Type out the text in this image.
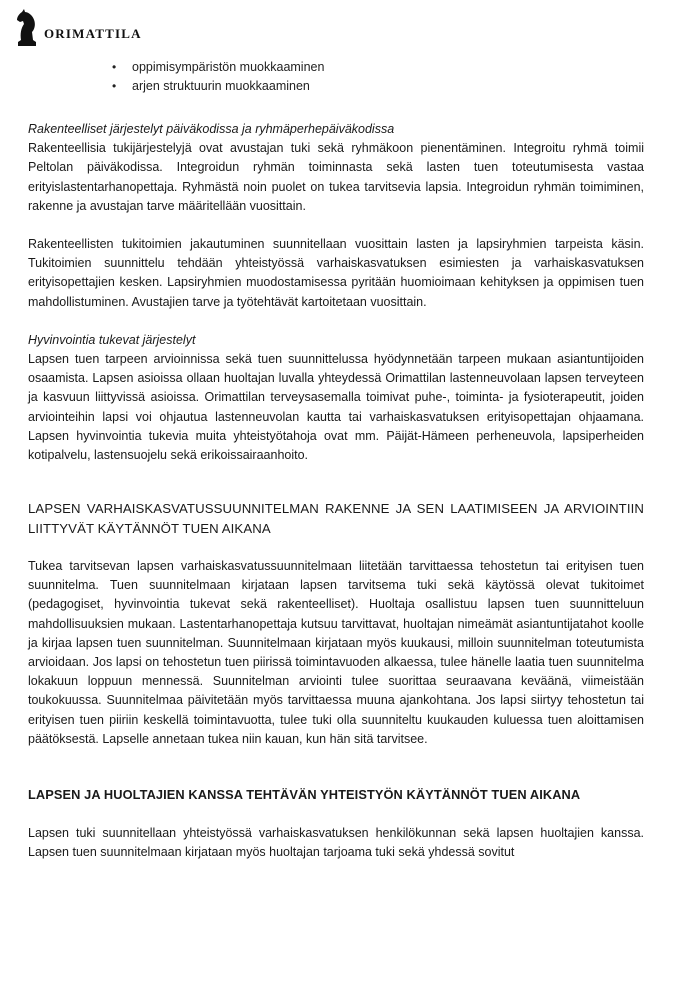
ORIMATTILA
• oppimisympäristön muokkaaminen
• arjen struktuurin muokkaaminen

Rakenteelliset järjestelyt päiväkodissa ja ryhmäperhepäiväkodissa

Rakenteellisia tukijärjestelyjä ovat avustajan tuki sekä ryhmäkoon pienentäminen. Integroitu ryhmä toimii Peltolan päiväkodissa. Integroidun ryhmän toiminnasta sekä lasten tuen toteutumisesta vastaa erityislastentarhanopettaja. Ryhmästä noin puolet on tukea tarvitsevia lapsia. Integroidun ryhmän toimiminen, rakenne ja avustajan tarve määritellään vuosittain.

Rakenteellisten tukitoimien jakautuminen suunnitellaan vuosittain lasten ja lapsiryhmien tarpeista käsin. Tukitoimien suunnittelu tehdään yhteistyössä varhaiskasvatuksen esimiesten ja varhaiskasvatuksen erityisopettajien kesken. Lapsiryhmien muodostamisessa pyritään huomioimaan kehityksen ja oppimisen tuen mahdollistuminen. Avustajien tarve ja työtehtävät kartoitetaan vuosittain.

Hyvinvointia tukevat järjestelyt

Lapsen tuen tarpeen arvioinnissa sekä tuen suunnittelussa hyödynnetään tarpeen mukaan asiantuntijoiden osaamista. Lapsen asioissa ollaan huoltajan luvalla yhteydessä Orimattilan lastenneuvolaan lapsen terveyteen ja kasvuun liittyvissä asioissa. Orimattilan terveysasemalla toimivat puhe-, toiminta- ja fysioterapeutit, joiden arviointeihin lapsi voi ohjautua lastenneuvolan kautta tai varhaiskasvatuksen erityisopettajan ohjaamana. Lapsen hyvinvointia tukevia muita yhteistyötahoja ovat mm. Päijät-Hämeen perheneuvola, lapsiperheiden kotipalvelu, lastensuojelu sekä erikoissairaanhoito.

LAPSEN VARHAISKASVATUSSUUNNITELMAN RAKENNE JA SEN LAATIMISEEN JA ARVIOINTIIN LIITTYVÄT KÄYTÄNNÖT TUEN AIKANA

Tukea tarvitsevan lapsen varhaiskasvatussuunnitelmaan liitetään tarvittaessa tehostetun tai erityisen tuen suunnitelma. Tuen suunnitelmaan kirjataan lapsen tarvitsema tuki sekä käytössä olevat tukitoimet (pedagogiset, hyvinvointia tukevat sekä rakenteelliset). Huoltaja osallistuu lapsen tuen suunnitteluun mahdollisuuksien mukaan. Lastentarhanopettaja kutsuu tarvittavat, huoltajan nimeämät asiantuntijatahot koolle ja kirjaa lapsen tuen suunnitelman. Suunnitelmaan kirjataan myös kuukausi, milloin suunnitelman toteutumista arvioidaan. Jos lapsi on tehostetun tuen piirissä toimintavuoden alkaessa, tulee hänelle laatia tuen suunnitelma lokakuun loppuun mennessä. Suunnitelman arviointi tulee suorittaa seuraavana keväänä, viimeistään toukokuussa. Suunnitelmaa päivitetään myös tarvittaessa muuna ajankohtana. Jos lapsi siirtyy tehostetun tai erityisen tuen piiriin keskellä toimintavuotta, tulee tuki olla suunniteltu kuukauden kuluessa tuen aloittamisen päätöksestä. Lapselle annetaan tukea niin kauan, kun hän sitä tarvitsee.

LAPSEN JA HUOLTAJIEN KANSSA TEHTÄVÄN YHTEISTYÖN KÄYTÄNNÖT TUEN AIKANA

Lapsen tuki suunnitellaan yhteistyössä varhaiskasvatuksen henkilökunnan sekä lapsen huoltajien kanssa. Lapsen tuen suunnitelmaan kirjataan myös huoltajan tarjoama tuki sekä yhdessä sovitut
